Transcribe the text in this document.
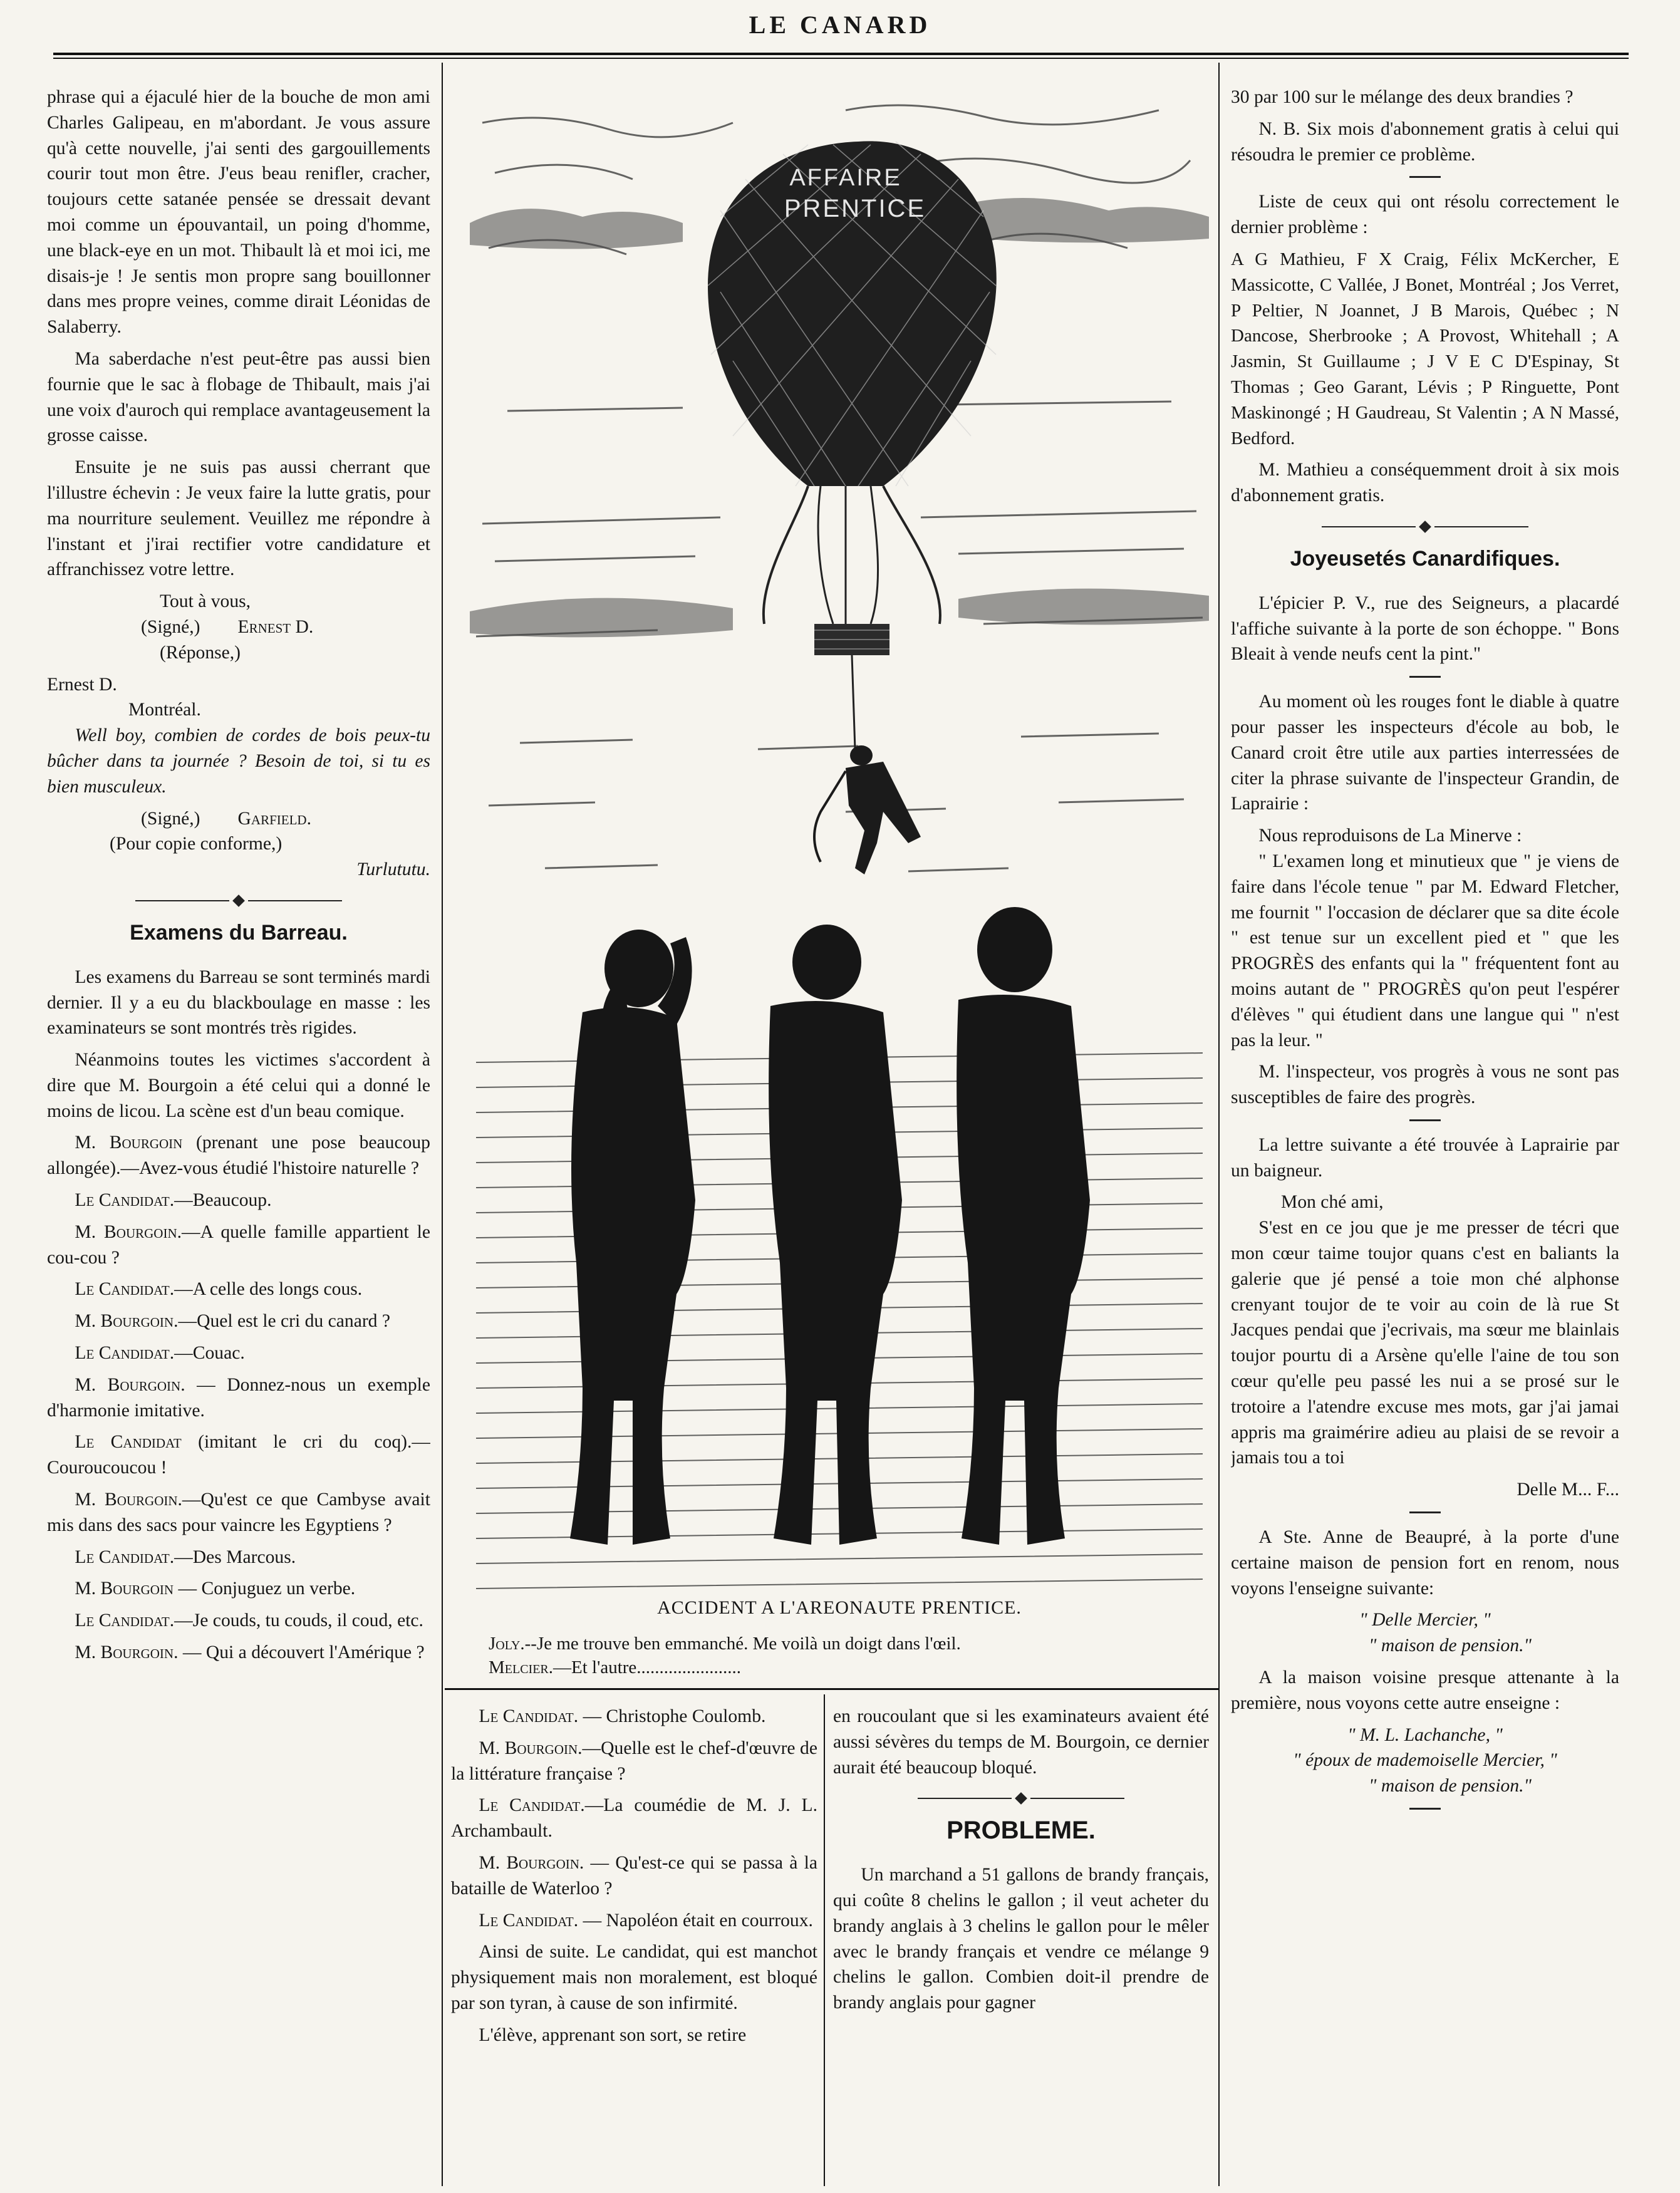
LE CANARD

phrase qui a éjaculé hier de la bouche de mon ami Charles Galipeau, en m'abordant. Je vous assure qu'à cette nouvelle, j'ai senti des gargouillements courir tout mon être. J'eus beau renifler, cracher, toujours cette satanée pensée se dressait devant moi comme un épouvantail, un poing d'homme, une black-eye en un mot. Thibault là et moi ici, me disais-je ! Je sentis mon propre sang bouillonner dans mes propre veines, comme dirait Léonidas de Salaberry.

Ma saberdache n'est peut-être pas aussi bien fournie que le sac à flobage de Thibault, mais j'ai une voix d'auroch qui remplace avantageusement la grosse caisse.

Ensuite je ne suis pas aussi cherrant que l'illustre échevin : Je veux faire la lutte gratis, pour ma nourriture seulement. Veuillez me répondre à l'instant et j'irai rectifier votre candidature et affranchissez votre lettre.

Tout à vous,

(Signé,) Ernest D.

(Réponse,)

Ernest D.

Montréal.

Well boy, combien de cordes de bois peux-tu bûcher dans ta journée ? Besoin de toi, si tu es bien musculeux.

(Signé,) Garfield.

(Pour copie conforme,)

Turlututu.

Examens du Barreau.

Les examens du Barreau se sont terminés mardi dernier. Il y a eu du blackboulage en masse : les examinateurs se sont montrés très rigides.

Néanmoins toutes les victimes s'accordent à dire que M. Bourgoin a été celui qui a donné le moins de licou. La scène est d'un beau comique.

M. Bourgoin (prenant une pose beaucoup allongée).—Avez-vous étudié l'histoire naturelle ?

Le Candidat.—Beaucoup.

M. Bourgoin.—A quelle famille appartient le cou-cou ?

Le Candidat.—A celle des longs cous.

M. Bourgoin.—Quel est le cri du canard ?

Le Candidat.—Couac.

M. Bourgoin. — Donnez-nous un exemple d'harmonie imitative.

Le Candidat (imitant le cri du coq).—Couroucoucou !

M. Bourgoin.—Qu'est ce que Cambyse avait mis dans des sacs pour vaincre les Egyptiens ?

Le Candidat.—Des Marcous.

M. Bourgoin — Conjuguez un verbe.

Le Candidat.—Je couds, tu couds, il coud, etc.

M. Bourgoin. — Qui a découvert l'Amérique ?

AFFAIRE
PRENTICE
ACCIDENT A L'AREONAUTE PRENTICE.
Joly.--Je me trouve ben emmanché. Me voilà un doigt dans l'œil.
Melcier.—Et l'autre.......................

Le Candidat. — Christophe Coulomb.

M. Bourgoin.—Quelle est le chef-d'œuvre de la littérature française ?

Le Candidat.—La coumédie de M. J. L. Archambault.

M. Bourgoin. — Qu'est-ce qui se passa à la bataille de Waterloo ?

Le Candidat. — Napoléon était en courroux.

Ainsi de suite. Le candidat, qui est manchot physiquement mais non moralement, est bloqué par son tyran, à cause de son infirmité.

L'élève, apprenant son sort, se retire

en roucoulant que si les examinateurs avaient été aussi sévères du temps de M. Bourgoin, ce dernier aurait été beaucoup bloqué.

PROBLEME.

Un marchand a 51 gallons de brandy français, qui coûte 8 chelins le gallon ; il veut acheter du brandy anglais à 3 chelins le gallon pour le mêler avec le brandy français et vendre ce mélange 9 chelins le gallon. Combien doit-il prendre de brandy anglais pour gagner

30 par 100 sur le mélange des deux brandies ?

N. B. Six mois d'abonnement gratis à celui qui résoudra le premier ce problème.

Liste de ceux qui ont résolu correctement le dernier problème :

A G Mathieu, F X Craig, Félix McKercher, E Massicotte, C Vallée, J Bonet, Montréal ; Jos Verret, P Peltier, N Joannet, J B Marois, Québec ; N Dancose, Sherbrooke ; A Provost, Whitehall ; A Jasmin, St Guillaume ; J V E C D'Espinay, St Thomas ; Geo Garant, Lévis ; P Ringuette, Pont Maskinongé ; H Gaudreau, St Valentin ; A N Massé, Bedford.

M. Mathieu a conséquemment droit à six mois d'abonnement gratis.

Joyeusetés Canardifiques.

L'épicier P. V., rue des Seigneurs, a placardé l'affiche suivante à la porte de son échoppe. " Bons Bleait à vende neufs cent la pint."

Au moment où les rouges font le diable à quatre pour passer les inspecteurs d'école au bob, le Canard croit être utile aux parties interressées de citer la phrase suivante de l'inspecteur Grandin, de Laprairie :

Nous reproduisons de La Minerve :

" L'examen long et minutieux que " je viens de faire dans l'école tenue " par M. Edward Fletcher, me fournit " l'occasion de déclarer que sa dite école " est tenue sur un excellent pied et " que les PROGRÈS des enfants qui la " fréquentent font au moins autant de " PROGRÈS qu'on peut l'espérer d'élèves " qui étudient dans une langue qui " n'est pas la leur. "

M. l'inspecteur, vos progrès à vous ne sont pas susceptibles de faire des progrès.

La lettre suivante a été trouvée à Laprairie par un baigneur.

Mon ché ami,

S'est en ce jou que je me presser de técri que mon cœur taime toujor quans c'est en baliants la galerie que jé pensé a toie mon ché alphonse crenyant toujor de te voir au coin de là rue St Jacques pendai que j'ecrivais, ma sœur me blainlais toujor pourtu di a Arsène qu'elle l'aine de tou son cœur qu'elle peu passé les nui a se prosé sur le trotoire a l'atendre excuse mes mots, gar j'ai jamai appris ma graimérire adieu au plaisi de se revoir a jamais tou a toi

Delle M... F...

A Ste. Anne de Beaupré, à la porte d'une certaine maison de pension fort en renom, nous voyons l'enseigne suivante:

" Delle Mercier, "

" maison de pension."

A la maison voisine presque attenante à la première, nous voyons cette autre enseigne :

" M. L. Lachanche, "

" époux de mademoiselle Mercier, "

" maison de pension."
